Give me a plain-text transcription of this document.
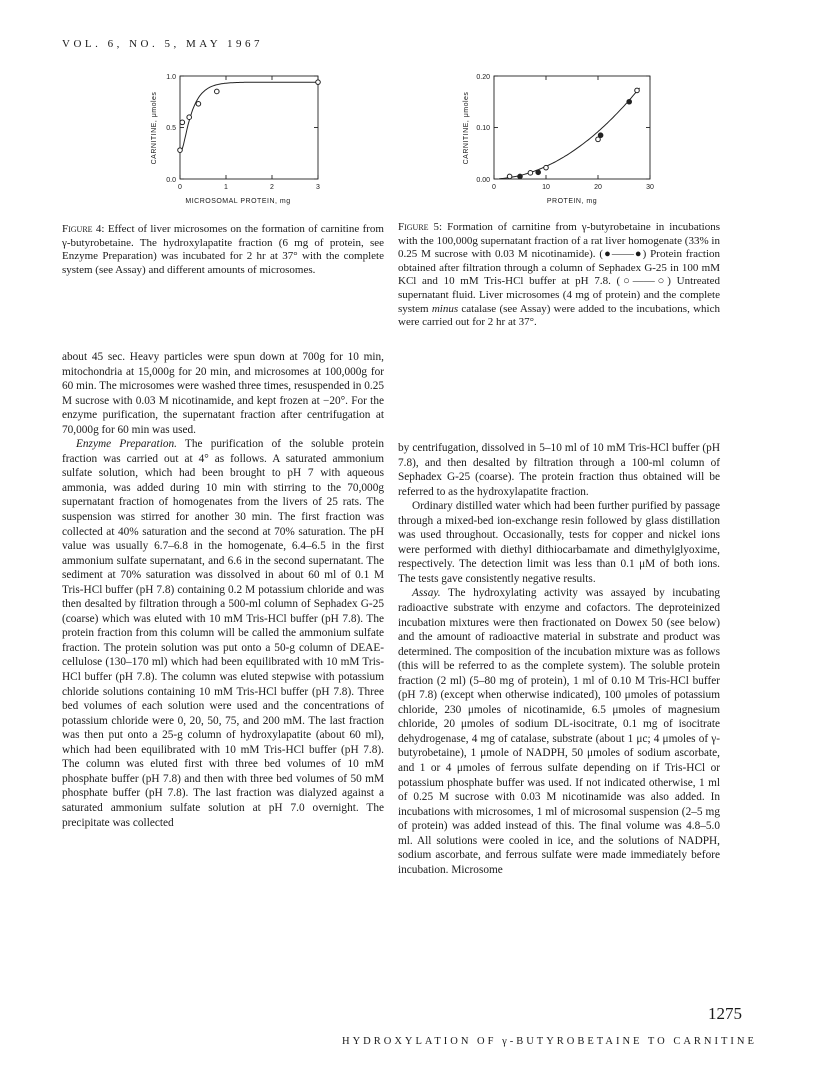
VOL. 6, NO. 5, MAY 1967
CARNITINE, μmoles
0.0
0.5
1.0
0	1	2	3
MICROSOMAL PROTEIN, mg
Figure 4: Effect of liver microsomes on the formation of carnitine from γ-butyrobetaine. The hydroxylapatite fraction (6 mg of protein, see Enzyme Preparation) was incubated for 2 hr at 37° with the complete system (see Assay) and different amounts of microsomes.
CARNITINE, μmoles
0.00
0.10
0.20
0	10	20	30
PROTEIN, mg
Figure 5: Formation of carnitine from γ-butyrobetaine in incubations with the 100,000g supernatant fraction of a rat liver homogenate (33% in 0.25 M sucrose with 0.03 M nicotinamide). (●——●) Protein fraction obtained after filtration through a column of Sephadex G-25 in 100 mM KCl and 10 mM Tris-HCl buffer at pH 7.8. (○——○) Untreated supernatant fluid. Liver microsomes (4 mg of protein) and the complete system minus catalase (see Assay) were added to the incubations, which were carried out for 2 hr at 37°.

about 45 sec. Heavy particles were spun down at 700g for 10 min, mitochondria at 15,000g for 20 min, and microsomes at 100,000g for 60 min. The microsomes were washed three times, resuspended in 0.25 M sucrose with 0.03 M nicotinamide, and kept frozen at −20°. For the enzyme purification, the supernatant fraction after centrifugation at 70,000g for 60 min was used.

Enzyme Preparation. The purification of the soluble protein fraction was carried out at 4° as follows. A saturated ammonium sulfate solution, which had been brought to pH 7 with aqueous ammonia, was added during 10 min with stirring to the 70,000g supernatant fraction of homogenates from the livers of 25 rats. The suspension was stirred for another 30 min. The first fraction was collected at 40% saturation and the second at 70% saturation. The pH value was usually 6.7–6.8 in the homogenate, 6.4–6.5 in the first ammonium sulfate supernatant, and 6.6 in the second supernatant. The sediment at 70% saturation was dissolved in about 60 ml of 0.1 M Tris-HCl buffer (pH 7.8) containing 0.2 M potassium chloride and was then desalted by filtration through a 500-ml column of Sephadex G-25 (coarse) which was eluted with 10 mM Tris-HCl buffer (pH 7.8). The protein fraction from this column will be called the ammonium sulfate fraction. The protein solution was put onto a 50-g column of DEAE-cellulose (130–170 ml) which had been equilibrated with 10 mM Tris-HCl buffer (pH 7.8). The column was eluted stepwise with potassium chloride solutions containing 10 mM Tris-HCl buffer (pH 7.8). Three bed volumes of each solution were used and the concentrations of potassium chloride were 0, 20, 50, 75, and 200 mM. The last fraction was then put onto a 25-g column of hydroxylapatite (about 60 ml), which had been equilibrated with 10 mM Tris-HCl buffer (pH 7.8). The column was eluted first with three bed volumes of 10 mM phosphate buffer (pH 7.8) and then with three bed volumes of 50 mM phosphate buffer (pH 7.8). The last fraction was dialyzed against a saturated ammonium sulfate solution at pH 7.0 overnight. The precipitate was collected

by centrifugation, dissolved in 5–10 ml of 10 mM Tris-HCl buffer (pH 7.8), and then desalted by filtration through a 100-ml column of Sephadex G-25 (coarse). The protein fraction thus obtained will be referred to as the hydroxylapatite fraction.

Ordinary distilled water which had been further purified by passage through a mixed-bed ion-exchange resin followed by glass distillation was used throughout. Occasionally, tests for copper and nickel ions were performed with diethyl dithiocarbamate and dimethylglyoxime, respectively. The detection limit was less than 0.1 μM of both ions. The tests gave consistently negative results.

Assay. The hydroxylating activity was assayed by incubating radioactive substrate with enzyme and cofactors. The deproteinized incubation mixtures were then fractionated on Dowex 50 (see below) and the amount of radioactive material in substrate and product was determined. The composition of the incubation mixture was as follows (this will be referred to as the complete system). The soluble protein fraction (2 ml) (5–80 mg of protein), 1 ml of 0.10 M Tris-HCl buffer (pH 7.8) (except when otherwise indicated), 100 μmoles of potassium chloride, 230 μmoles of nicotinamide, 6.5 μmoles of magnesium chloride, 20 μmoles of sodium DL-isocitrate, 0.1 mg of isocitrate dehydrogenase, 4 mg of catalase, substrate (about 1 μc; 4 μmoles of γ-butyrobetaine), 1 μmole of NADPH, 50 μmoles of sodium ascorbate, and 1 or 4 μmoles of ferrous sulfate depending on if Tris-HCl or potassium phosphate buffer was used. If not indicated otherwise, 1 ml of 0.25 M sucrose with 0.03 M nicotinamide was also added. In incubations with microsomes, 1 ml of microsomal suspension (2–5 mg of protein) was added instead of this. The final volume was 4.8–5.0 ml. All solutions were cooled in ice, and the solutions of NADPH, sodium ascorbate, and ferrous sulfate were made immediately before incubation. Microsome

1275
HYDROXYLATION OF γ-BUTYROBETAINE TO CARNITINE
